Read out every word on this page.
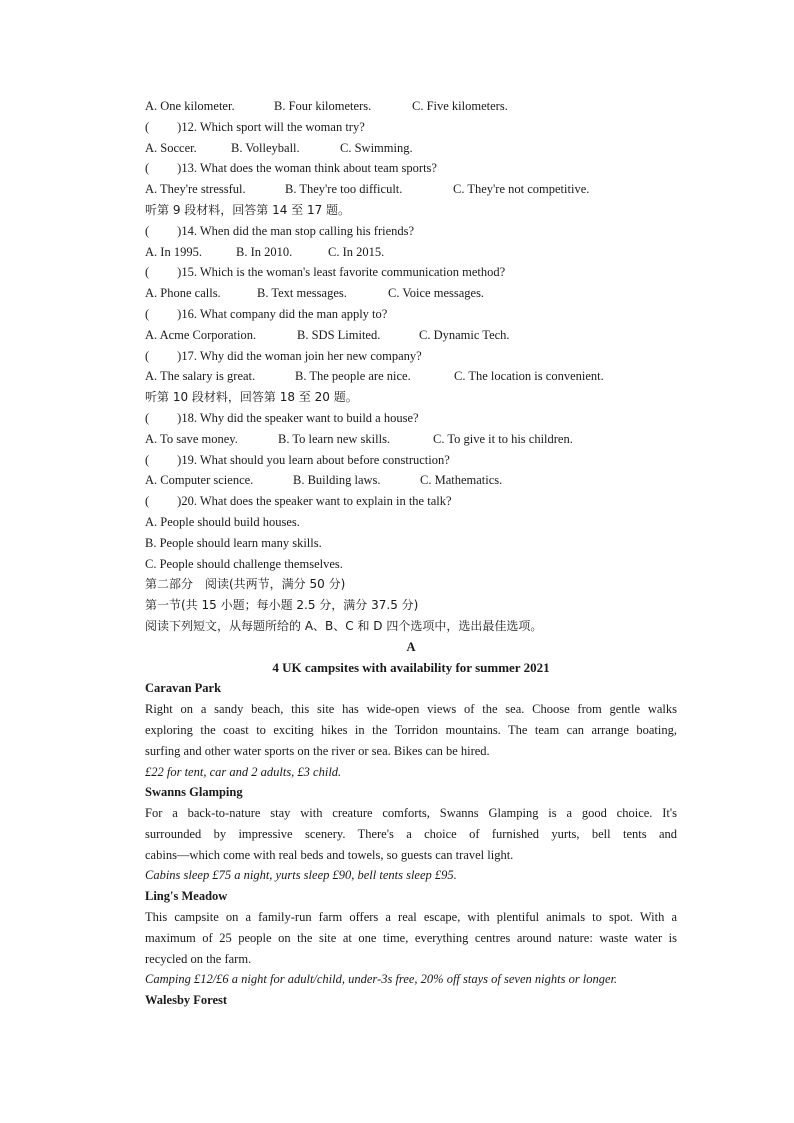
A. One kilometer.	B. Four kilometers.	C. Five kilometers.
( )12. Which sport will the woman try?
A. Soccer.	B. Volleyball.	C. Swimming.
( )13. What does the woman think about team sports?
A. They're stressful.	B. They're too difficult.	C. They're not competitive.
听第 9 段材料，回答第 14 至 17 题。
( )14. When did the man stop calling his friends?
A. In 1995.	B. In 2010.	C. In 2015.
( )15. Which is the woman's least favorite communication method?
A. Phone calls.	B. Text messages.	C. Voice messages.
( )16. What company did the man apply to?
A. Acme Corporation.	B. SDS Limited.	C. Dynamic Tech.
( )17. Why did the woman join her new company?
A. The salary is great.	B. The people are nice.	C. The location is convenient.
听第 10 段材料，回答第 18 至 20 题。
( )18. Why did the speaker want to build a house?
A. To save money.	B. To learn new skills.	C. To give it to his children.
( )19. What should you learn about before construction?
A. Computer science.	B. Building laws.	C. Mathematics.
( )20. What does the speaker want to explain in the talk?
A. People should build houses.
B. People should learn many skills.
C. People should challenge themselves.
第二部分　阅读(共两节，满分 50 分)
第一节(共 15 小题；每小题 2.5 分，满分 37.5 分)
阅读下列短文，从每题所给的 A、B、C 和 D 四个选项中，选出最佳选项。
A
4 UK campsites with availability for summer 2021
Caravan Park
Right on a sandy beach, this site has wide-open views of the sea. Choose from gentle walks
exploring the coast to exciting hikes in the Torridon mountains. The team can arrange boating,
surfing and other water sports on the river or sea. Bikes can be hired.
£22 for tent, car and 2 adults, £3 child.
Swanns Glamping
For a back-to-nature stay with creature comforts, Swanns Glamping is a good choice. It's
surrounded by impressive scenery. There's a choice of furnished yurts, bell tents and
cabins—which come with real beds and towels, so guests can travel light.
Cabins sleep £75 a night, yurts sleep £90, bell tents sleep £95.
Ling's Meadow
This campsite on a family-run farm offers a real escape, with plentiful animals to spot. With a
maximum of 25 people on the site at one time, everything centres around nature: waste water is
recycled on the farm.
Camping £12/£6 a night for adult/child, under-3s free, 20% off stays of seven nights or longer.
Walesby Forest
